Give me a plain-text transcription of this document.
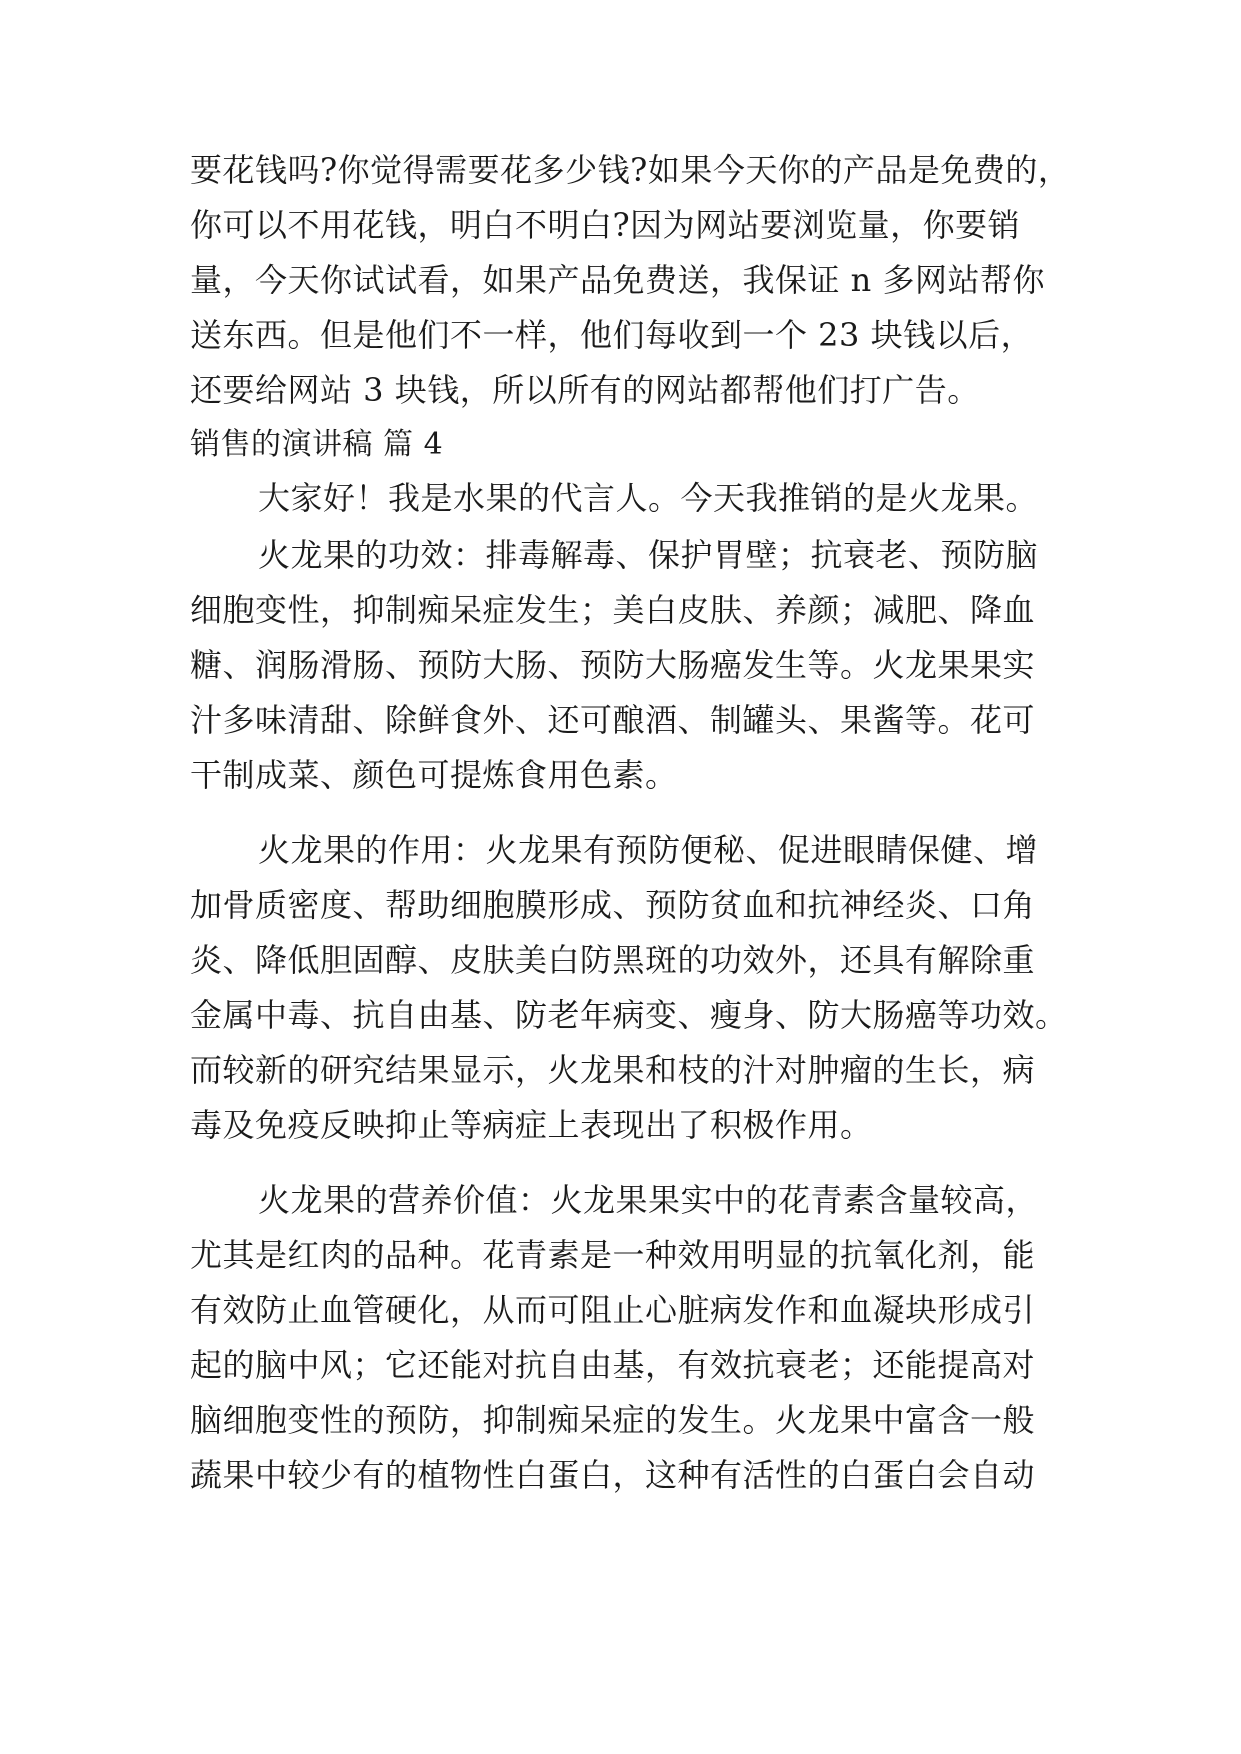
要花钱吗?你觉得需要花多少钱?如果今天你的产品是免费的，
你可以不用花钱，明白不明白?因为网站要浏览量，你要销
量，今天你试试看，如果产品免费送，我保证 n 多网站帮你
送东西。但是他们不一样，他们每收到一个 23 块钱以后，
还要给网站 3 块钱，所以所有的网站都帮他们打广告。
销售的演讲稿 篇 4
大家好！我是水果的代言人。今天我推销的是火龙果。
火龙果的功效：排毒解毒、保护胃壁；抗衰老、预防脑
细胞变性，抑制痴呆症发生；美白皮肤、养颜；减肥、降血
糖、润肠滑肠、预防大肠、预防大肠癌发生等。火龙果果实
汁多味清甜、除鲜食外、还可酿酒、制罐头、果酱等。花可
干制成菜、颜色可提炼食用色素。
火龙果的作用：火龙果有预防便秘、促进眼睛保健、增
加骨质密度、帮助细胞膜形成、预防贫血和抗神经炎、口角
炎、降低胆固醇、皮肤美白防黑斑的功效外，还具有解除重
金属中毒、抗自由基、防老年病变、瘦身、防大肠癌等功效。
而较新的研究结果显示，火龙果和枝的汁对肿瘤的生长，病
毒及免疫反映抑止等病症上表现出了积极作用。
火龙果的营养价值：火龙果果实中的花青素含量较高，
尤其是红肉的品种。花青素是一种效用明显的抗氧化剂，能
有效防止血管硬化，从而可阻止心脏病发作和血凝块形成引
起的脑中风；它还能对抗自由基，有效抗衰老；还能提高对
脑细胞变性的预防，抑制痴呆症的发生。火龙果中富含一般
蔬果中较少有的植物性白蛋白，这种有活性的白蛋白会自动
